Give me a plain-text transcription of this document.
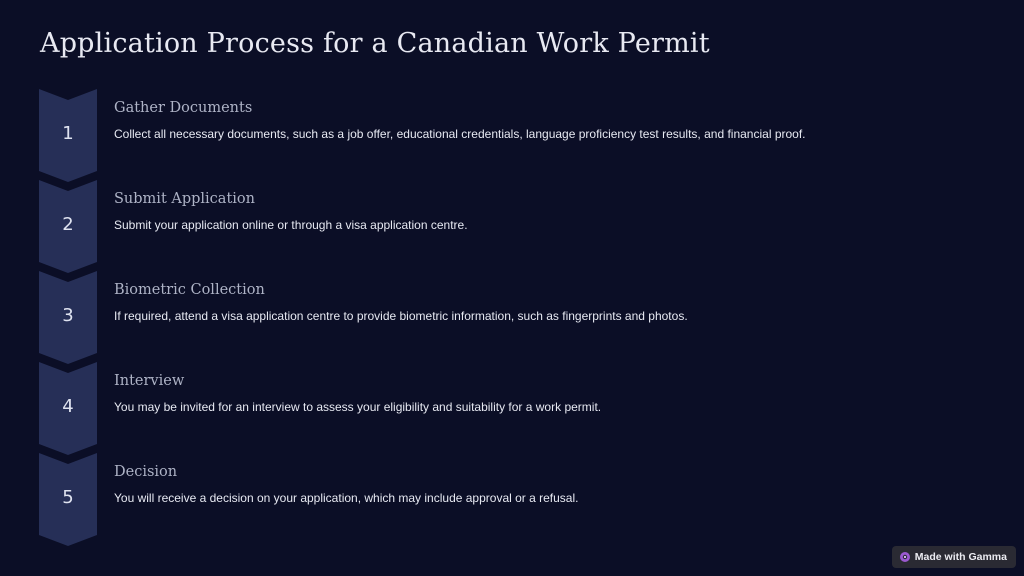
Application Process for a Canadian Work Permit
1
Gather Documents
Collect all necessary documents, such as a job offer, educational credentials, language proficiency test results, and financial proof.
2
Submit Application
Submit your application online or through a visa application centre.
3
Biometric Collection
If required, attend a visa application centre to provide biometric information, such as fingerprints and photos.
4
Interview
You may be invited for an interview to assess your eligibility and suitability for a work permit.
5
Decision
You will receive a decision on your application, which may include approval or a refusal.
Made with Gamma
